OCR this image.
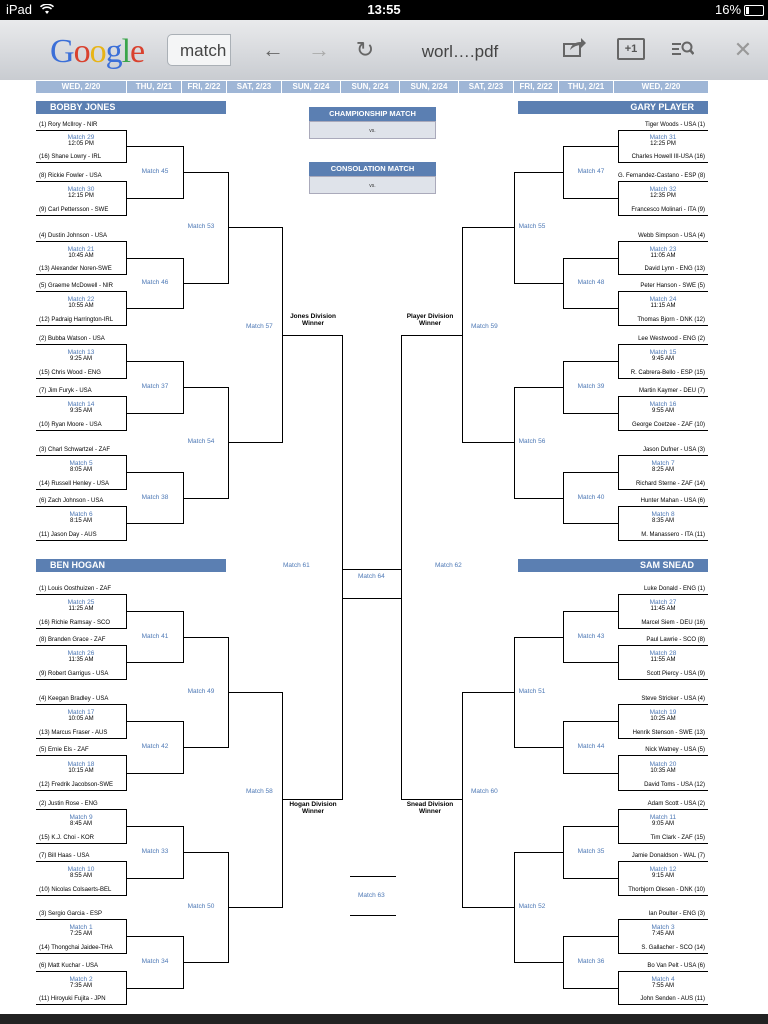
iPad	13:55	16%
Google	match ← → ↻	worl….pdf	+1	✕
BOBBY JONES	GARY PLAYER
BEN HOGAN	SAM SNEAD
CHAMPIONSHIP MATCH
vs.
CONSOLATION MATCH
vs.
Jones Division Winner
Player Division Winner
Hogan Division Winner
Snead Division Winner
Match 57	Match 59
Match 58	Match 60
Match 61	Match 62
Match 64
Match 63
WED, 2/20	THU, 2/21	FRI, 2/22	SAT, 2/23	SUN, 2/24	SUN, 2/24	SUN, 2/24	SAT, 2/23	FRI, 2/22	THU, 2/21	WED, 2/20
(1) Rory McIlroy - NIR
(16) Shane Lowry - IRL
Match 29
12:05 PM
(8) Rickie Fowler - USA
(9) Carl Pettersson - SWE
Match 30
12:15 PM
(4) Dustin Johnson - USA
(13) Alexander Noren-SWE
Match 21
10:45 AM
(5) Graeme McDowell - NIR
(12) Padraig Harrington-IRL
Match 22
10:55 AM
(2) Bubba Watson - USA
(15) Chris Wood - ENG
Match 13
9:25 AM
(7) Jim Furyk - USA
(10) Ryan Moore - USA
Match 14
9:35 AM
(3) Charl Schwartzel - ZAF
(14) Russell Henley - USA
Match 5
8:05 AM
(6) Zach Johnson - USA
(11) Jason Day - AUS
Match 6
8:15 AM
Match 45
Match 46
Match 37
Match 38
Match 53
Match 54
(1) Louis Oosthuizen - ZAF
(16) Richie Ramsay - SCO
Match 25
11:25 AM
(8) Branden Grace - ZAF
(9) Robert Garrigus - USA
Match 26
11:35 AM
(4) Keegan Bradley - USA
(13) Marcus Fraser - AUS
Match 17
10:05 AM
(5) Ernie Els - ZAF
(12) Fredrik Jacobson-SWE
Match 18
10:15 AM
(2) Justin Rose - ENG
(15) K.J. Choi - KOR
Match 9
8:45 AM
(7) Bill Haas - USA
(10) Nicolas Colsaerts-BEL
Match 10
8:55 AM
(3) Sergio Garcia - ESP
(14) Thongchai Jaidee-THA
Match 1
7:25 AM
(6) Matt Kuchar - USA
(11) Hiroyuki Fujita - JPN
Match 2
7:35 AM
Match 41
Match 42
Match 33
Match 34
Match 49
Match 50
Tiger Woods - USA (1)
Charles Howell III-USA (16)
Match 31
12:25 PM
G. Fernandez-Castano - ESP (8)
Francesco Molinari - ITA (9)
Match 32
12:35 PM
Webb Simpson - USA (4)
David Lynn - ENG (13)
Match 23
11:05 AM
Peter Hanson - SWE (5)
Thomas Bjorn - DNK (12)
Match 24
11:15 AM
Lee Westwood - ENG (2)
R. Cabrera-Bello - ESP (15)
Match 15
9:45 AM
Martin Kaymer - DEU (7)
George Coetzee - ZAF (10)
Match 16
9:55 AM
Jason Dufner - USA (3)
Richard Sterne - ZAF (14)
Match 7
8:25 AM
Hunter Mahan - USA (6)
M. Manassero - ITA (11)
Match 8
8:35 AM
Match 47
Match 48
Match 39
Match 40
Match 55
Match 56
Luke Donald - ENG (1)
Marcel Siem - DEU (16)
Match 27
11:45 AM
Paul Lawrie - SCO (8)
Scott Piercy - USA (9)
Match 28
11:55 AM
Steve Stricker - USA (4)
Henrik Stenson - SWE (13)
Match 19
10:25 AM
Nick Watney - USA (5)
David Toms - USA (12)
Match 20
10:35 AM
Adam Scott - USA (2)
Tim Clark - ZAF (15)
Match 11
9:05 AM
Jamie Donaldson - WAL (7)
Thorbjorn Olesen - DNK (10)
Match 12
9:15 AM
Ian Poulter - ENG (3)
S. Gallacher - SCO (14)
Match 3
7:45 AM
Bo Van Pelt - USA (6)
John Senden - AUS (11)
Match 4
7:55 AM
Match 43
Match 44
Match 35
Match 36
Match 51
Match 52
